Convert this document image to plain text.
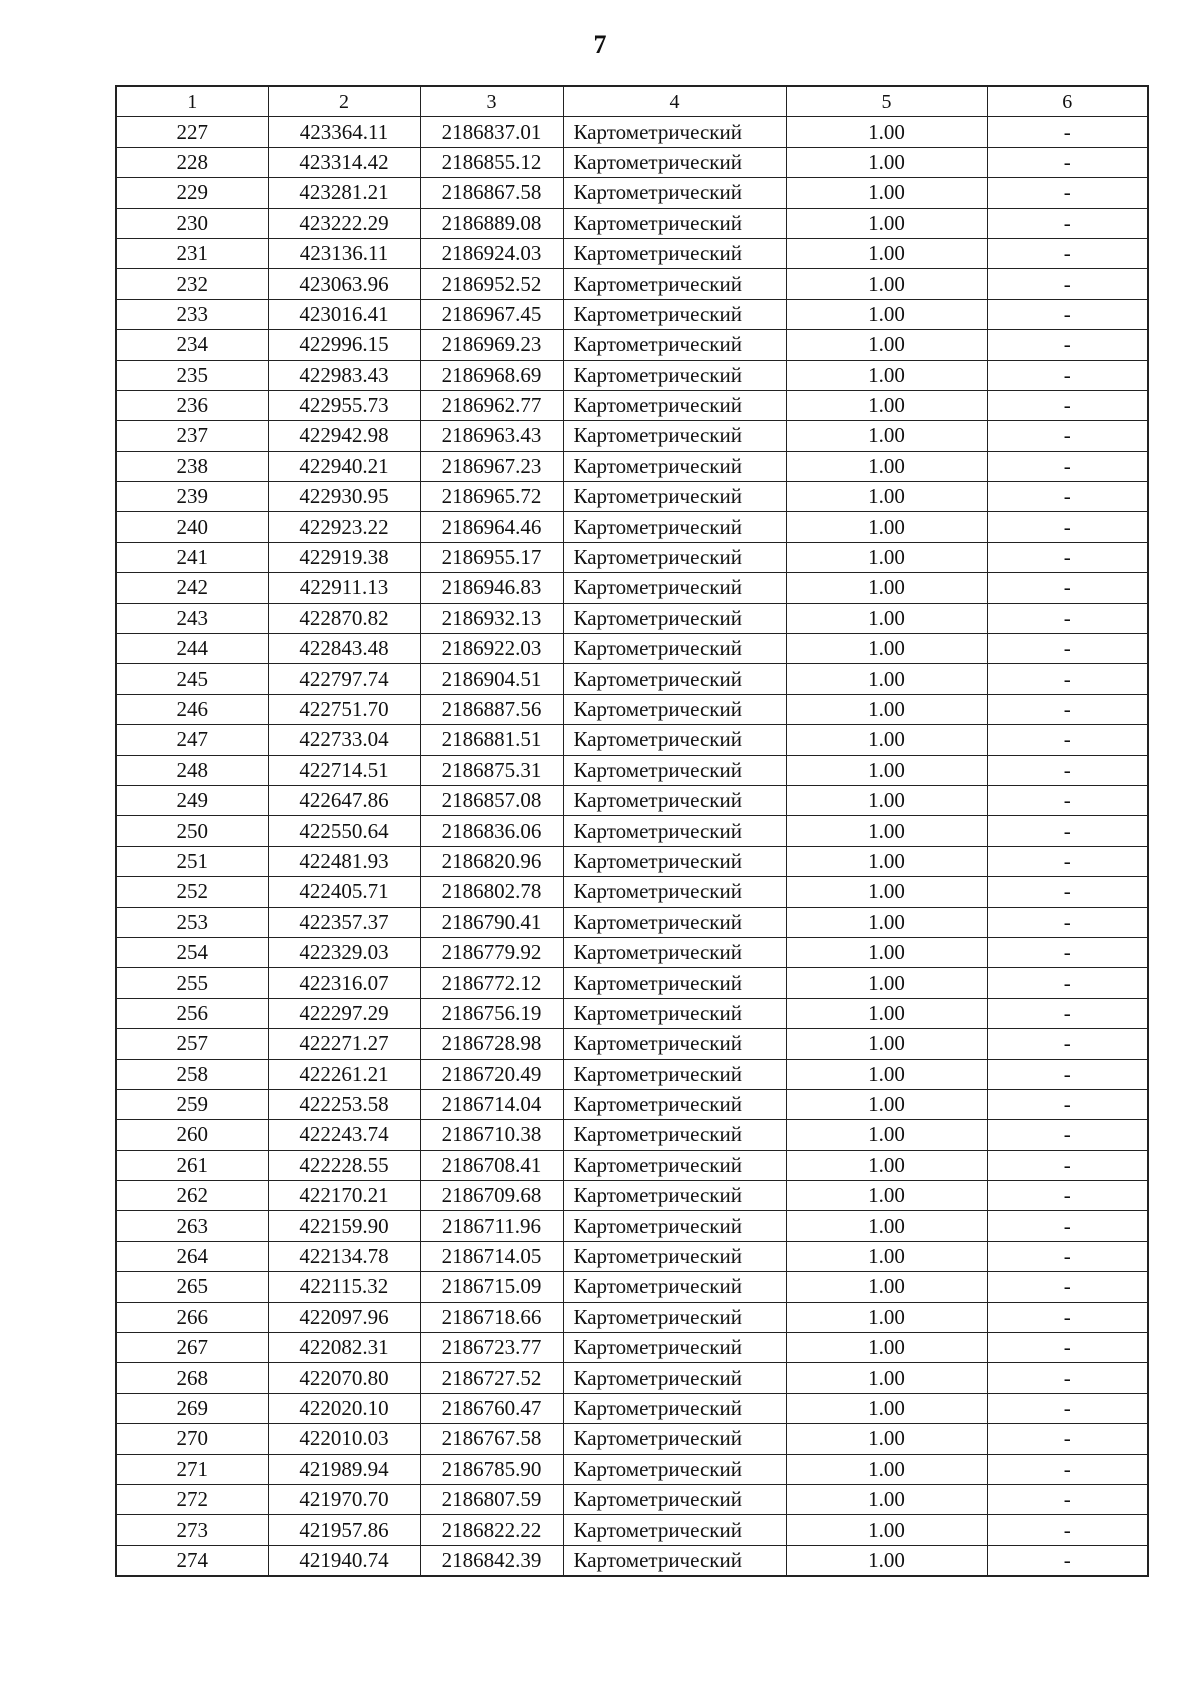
7
1	2	3	4	5	6
227	423364.11	2186837.01	Картометрический	1.00	-
228	423314.42	2186855.12	Картометрический	1.00	-
229	423281.21	2186867.58	Картометрический	1.00	-
230	423222.29	2186889.08	Картометрический	1.00	-
231	423136.11	2186924.03	Картометрический	1.00	-
232	423063.96	2186952.52	Картометрический	1.00	-
233	423016.41	2186967.45	Картометрический	1.00	-
234	422996.15	2186969.23	Картометрический	1.00	-
235	422983.43	2186968.69	Картометрический	1.00	-
236	422955.73	2186962.77	Картометрический	1.00	-
237	422942.98	2186963.43	Картометрический	1.00	-
238	422940.21	2186967.23	Картометрический	1.00	-
239	422930.95	2186965.72	Картометрический	1.00	-
240	422923.22	2186964.46	Картометрический	1.00	-
241	422919.38	2186955.17	Картометрический	1.00	-
242	422911.13	2186946.83	Картометрический	1.00	-
243	422870.82	2186932.13	Картометрический	1.00	-
244	422843.48	2186922.03	Картометрический	1.00	-
245	422797.74	2186904.51	Картометрический	1.00	-
246	422751.70	2186887.56	Картометрический	1.00	-
247	422733.04	2186881.51	Картометрический	1.00	-
248	422714.51	2186875.31	Картометрический	1.00	-
249	422647.86	2186857.08	Картометрический	1.00	-
250	422550.64	2186836.06	Картометрический	1.00	-
251	422481.93	2186820.96	Картометрический	1.00	-
252	422405.71	2186802.78	Картометрический	1.00	-
253	422357.37	2186790.41	Картометрический	1.00	-
254	422329.03	2186779.92	Картометрический	1.00	-
255	422316.07	2186772.12	Картометрический	1.00	-
256	422297.29	2186756.19	Картометрический	1.00	-
257	422271.27	2186728.98	Картометрический	1.00	-
258	422261.21	2186720.49	Картометрический	1.00	-
259	422253.58	2186714.04	Картометрический	1.00	-
260	422243.74	2186710.38	Картометрический	1.00	-
261	422228.55	2186708.41	Картометрический	1.00	-
262	422170.21	2186709.68	Картометрический	1.00	-
263	422159.90	2186711.96	Картометрический	1.00	-
264	422134.78	2186714.05	Картометрический	1.00	-
265	422115.32	2186715.09	Картометрический	1.00	-
266	422097.96	2186718.66	Картометрический	1.00	-
267	422082.31	2186723.77	Картометрический	1.00	-
268	422070.80	2186727.52	Картометрический	1.00	-
269	422020.10	2186760.47	Картометрический	1.00	-
270	422010.03	2186767.58	Картометрический	1.00	-
271	421989.94	2186785.90	Картометрический	1.00	-
272	421970.70	2186807.59	Картометрический	1.00	-
273	421957.86	2186822.22	Картометрический	1.00	-
274	421940.74	2186842.39	Картометрический	1.00	-
